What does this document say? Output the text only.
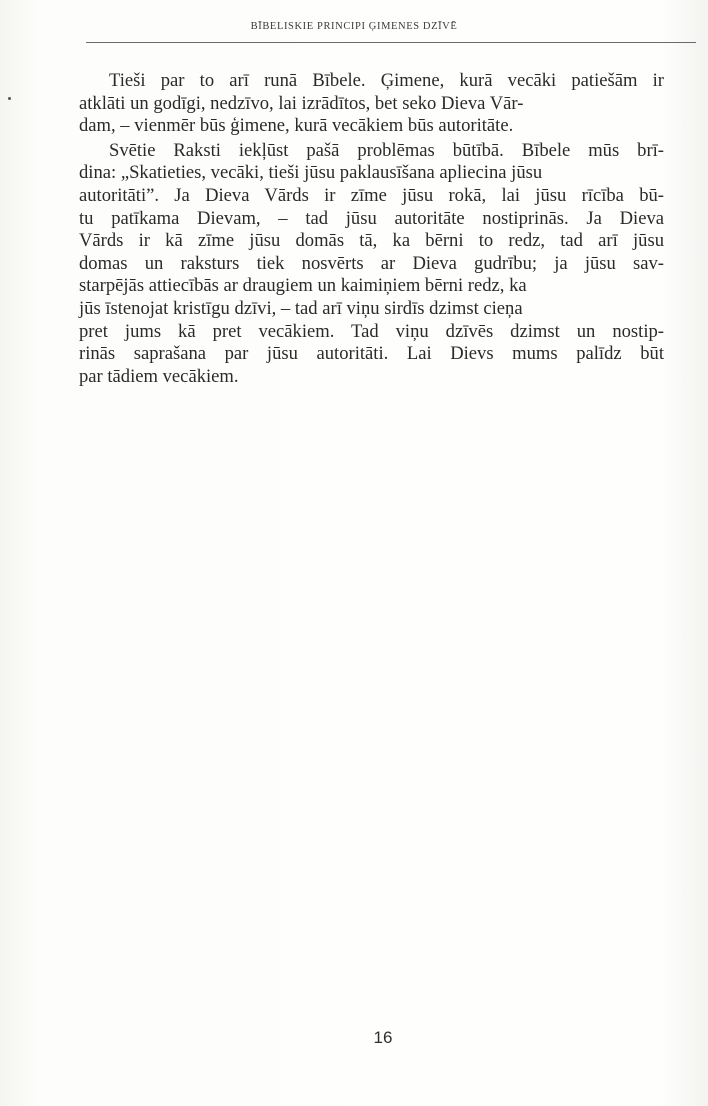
BĪBELISKIE PRINCIPI ĢIMENES DZĪVĒ

Tieši par to arī runā Bībele. Ģimene, kurā vecāki patiešām ir
atklāti un godīgi, nedzīvo, lai izrādītos, bet seko Dieva Vār-
dam, – vienmēr būs ģimene, kurā vecākiem būs autoritāte.

Svētie Raksti iekļūst pašā problēmas būtībā. Bībele mūs brī-
dina: „Skatieties, vecāki, tieši jūsu paklausīšana apliecina jūsu
autoritāti”. Ja Dieva Vārds ir zīme jūsu rokā, lai jūsu rīcība bū-
tu patīkama Dievam, – tad jūsu autoritāte nostiprinās. Ja Dieva
Vārds ir kā zīme jūsu domās tā, ka bērni to redz, tad arī jūsu
domas un raksturs tiek nosvērts ar Dieva gudrību; ja jūsu sav-
starpējās attiecībās ar draugiem un kaimiņiem bērni redz, ka
jūs īstenojat kristīgu dzīvi, – tad arī viņu sirdīs dzimst cieņa
pret jums kā pret vecākiem. Tad viņu dzīvēs dzimst un nostip-
rinās saprašana par jūsu autoritāti. Lai Dievs mums palīdz būt
par tādiem vecākiem.

16
